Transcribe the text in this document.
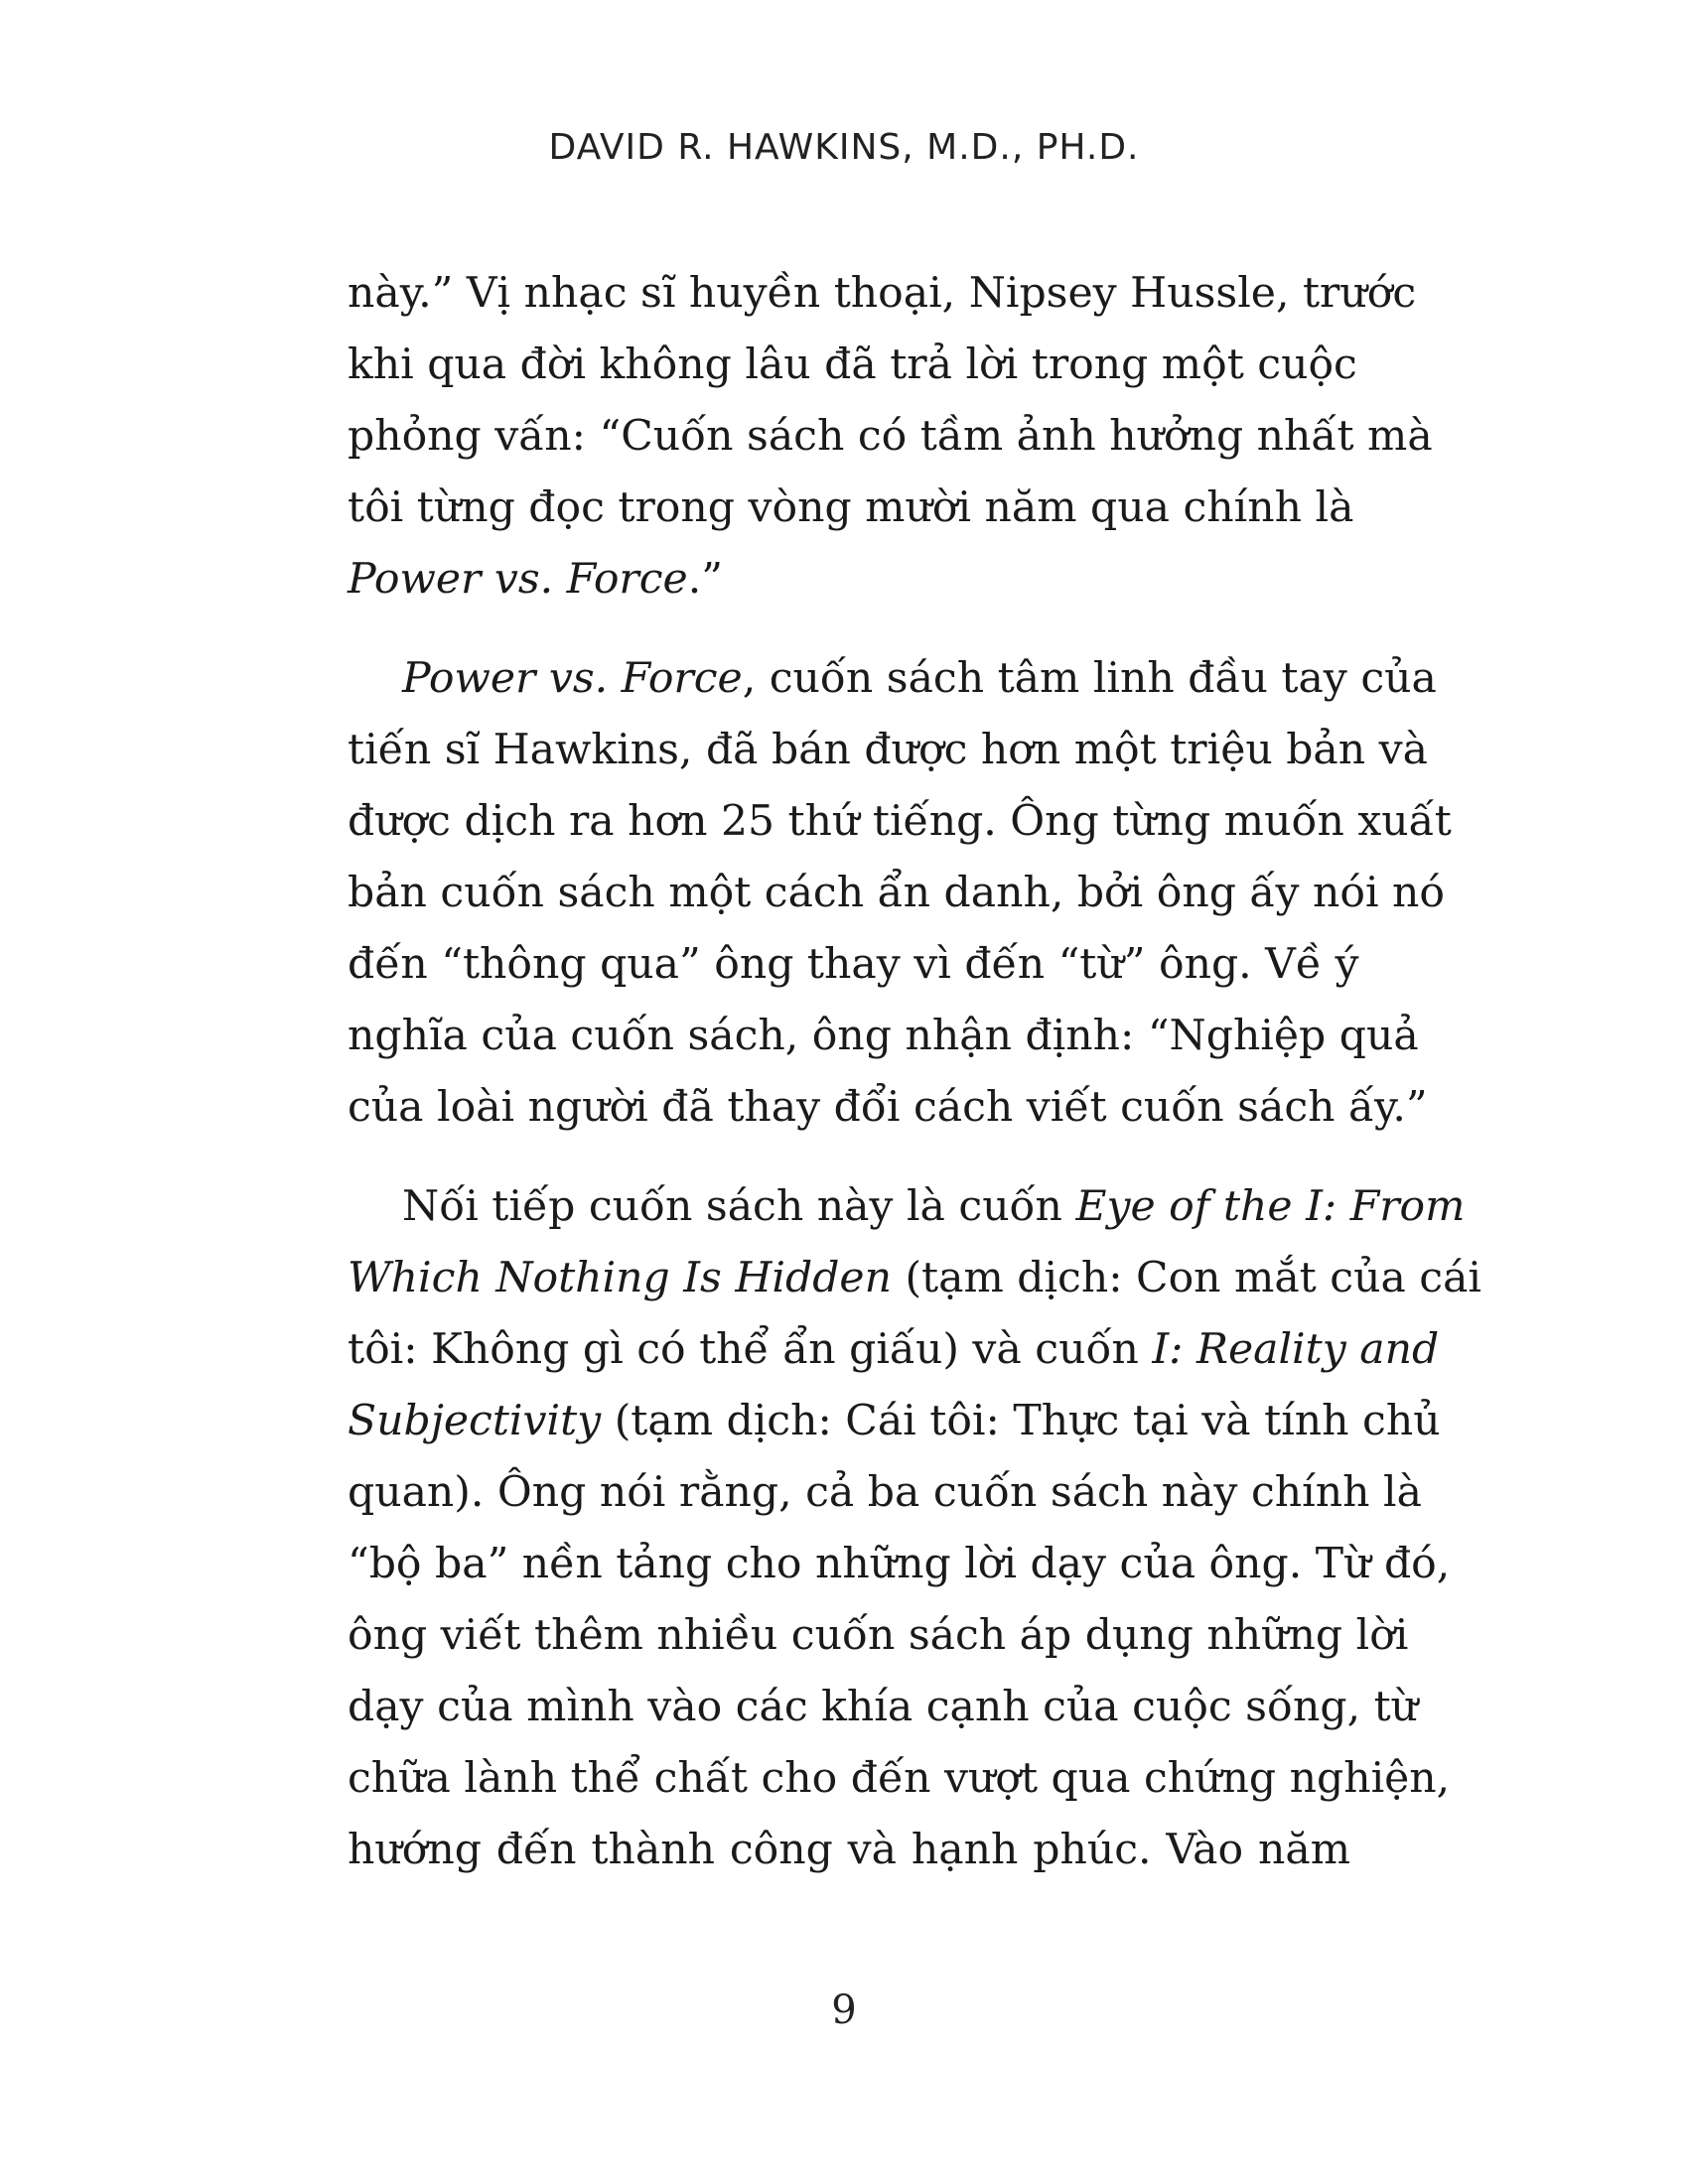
DAVID R. HAWKINS, M.D., PH.D.
này.” Vị nhạc sĩ huyền thoại, Nipsey Hussle, trước
khi qua đời không lâu đã trả lời trong một cuộc
phỏng vấn: “Cuốn sách có tầm ảnh hưởng nhất mà
tôi từng đọc trong vòng mười năm qua chính là
Power vs. Force.”
Power vs. Force, cuốn sách tâm linh đầu tay của
tiến sĩ Hawkins, đã bán được hơn một triệu bản và
được dịch ra hơn 25 thứ tiếng. Ông từng muốn xuất
bản cuốn sách một cách ẩn danh, bởi ông ấy nói nó
đến “thông qua” ông thay vì đến “từ” ông. Về ý
nghĩa của cuốn sách, ông nhận định: “Nghiệp quả
của loài người đã thay đổi cách viết cuốn sách ấy.”
Nối tiếp cuốn sách này là cuốn Eye of the I: From
Which Nothing Is Hidden (tạm dịch: Con mắt của cái
tôi: Không gì có thể ẩn giấu) và cuốn I: Reality and
Subjectivity (tạm dịch: Cái tôi: Thực tại và tính chủ
quan). Ông nói rằng, cả ba cuốn sách này chính là
“bộ ba” nền tảng cho những lời dạy của ông. Từ đó,
ông viết thêm nhiều cuốn sách áp dụng những lời
dạy của mình vào các khía cạnh của cuộc sống, từ
chữa lành thể chất cho đến vượt qua chứng nghiện,
hướng đến thành công và hạnh phúc. Vào năm
9
